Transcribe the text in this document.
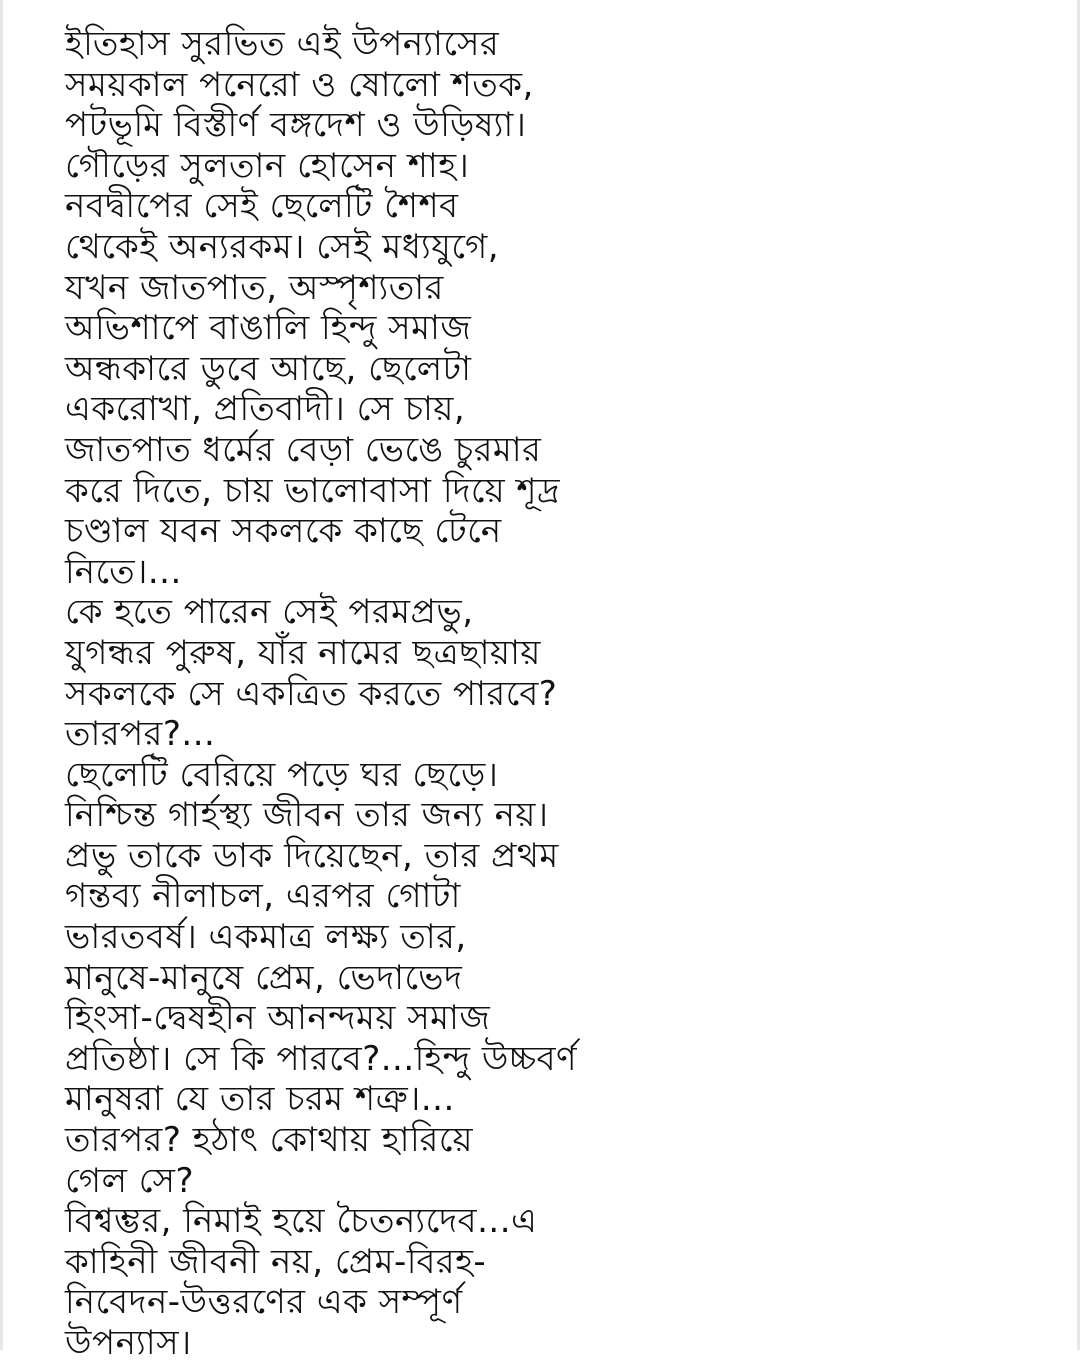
ইতিহাস সুরভিত এই উপন্যাসের
সময়কাল পনেরো ও ষোলো শতক,
পটভূমি বিস্তীর্ণ বঙ্গদেশ ও উড়িষ্যা।
গৌড়ের সুলতান হোসেন শাহ।
নবদ্বীপের সেই ছেলেটি শৈশব
থেকেই অন্যরকম। সেই মধ্যযুগে,
যখন জাতপাত, অস্পৃশ্যতার
অভিশাপে বাঙালি হিন্দু সমাজ
অন্ধকারে ডুবে আছে, ছেলেটা
একরোখা, প্রতিবাদী। সে চায়,
জাতপাত ধর্মের বেড়া ভেঙে চুরমার
করে দিতে, চায় ভালোবাসা দিয়ে শূদ্র
চণ্ডাল যবন সকলকে কাছে টেনে
নিতে।...
কে হতে পারেন সেই পরমপ্রভু,
যুগন্ধর পুরুষ, যাঁর নামের ছত্রছায়ায়
সকলকে সে একত্রিত করতে পারবে?
তারপর?...
ছেলেটি বেরিয়ে পড়ে ঘর ছেড়ে।
নিশ্চিন্ত গার্হস্থ্য জীবন তার জন্য নয়।
প্রভু তাকে ডাক দিয়েছেন, তার প্রথম
গন্তব্য নীলাচল, এরপর গোটা
ভারতবর্ষ। একমাত্র লক্ষ্য তার,
মানুষে-মানুষে প্রেম, ভেদাভেদ
হিংসা-দ্বেষহীন আনন্দময় সমাজ
প্রতিষ্ঠা। সে কি পারবে?...হিন্দু উচ্চবর্ণ
মানুষরা যে তার চরম শত্রু।...
তারপর? হঠাৎ কোথায় হারিয়ে
গেল সে?
বিশ্বম্ভর, নিমাই হয়ে চৈতন্যদেব...এ
কাহিনী জীবনী নয়, প্রেম-বিরহ-
নিবেদন-উত্তরণের এক সম্পূর্ণ
উপন্যাস।
